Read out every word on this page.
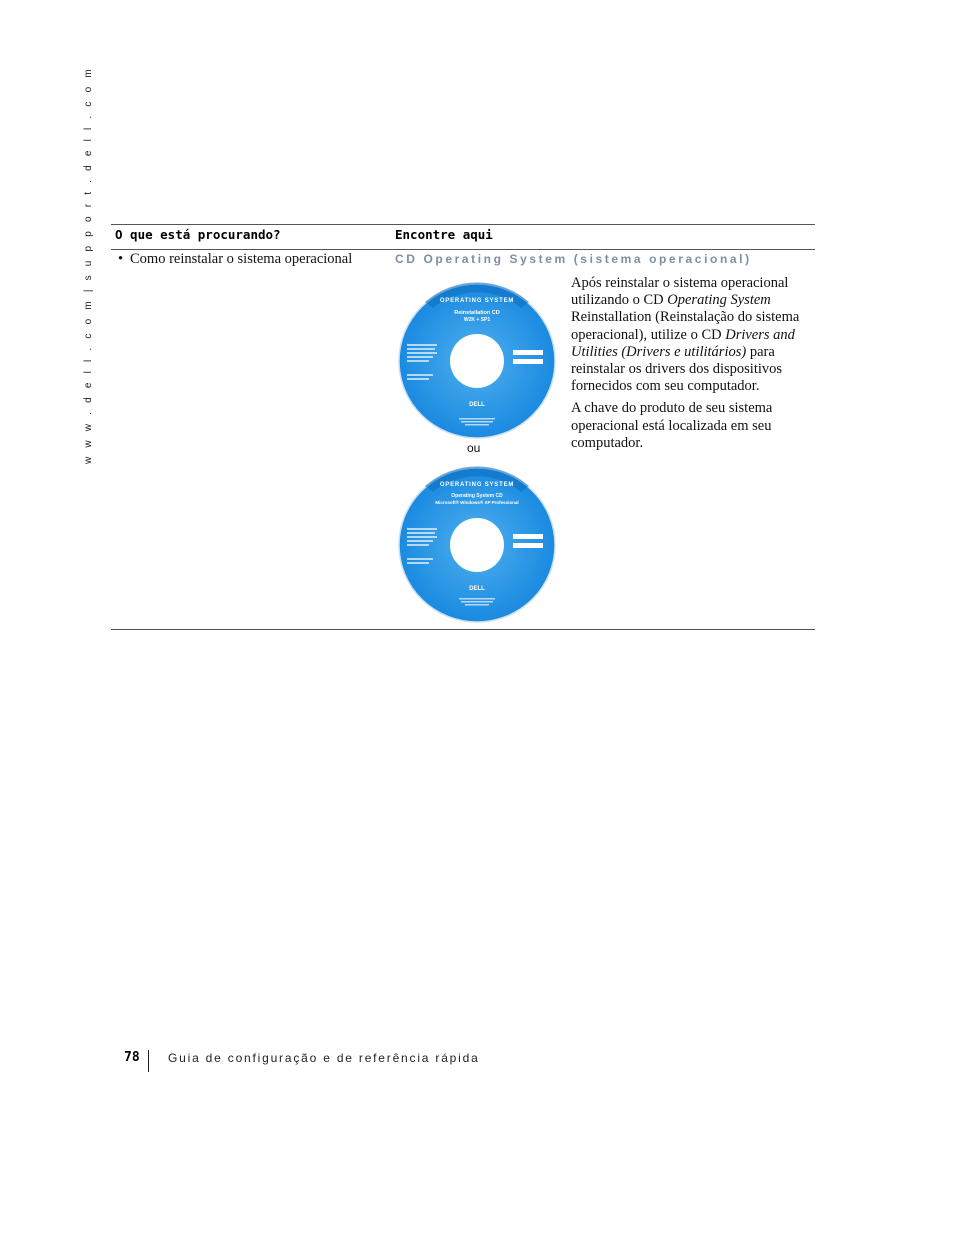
w w w . d e l l . c o m | s u p p o r t . d e l l . c o m	O que está procurando?	Encontre aqui
• Como reinstalar o sistema operacional	CD Operating System (sistema operacional)

Após reinstalar o sistema operacional utilizando o CD Operating System Reinstallation (Reinstalação do sistema operacional), utilize o CD Drivers and Utilities (Drivers e utilitários) para reinstalar os drivers dos dispositivos fornecidos com seu computador.

A chave do produto de seu sistema operacional está localizada em seu computador.

OPERATING SYSTEM
Reinstallation CD
W2K + SP1
DELL
ou
OPERATING SYSTEM
Operating System CD
Microsoft® Windows® XP Professional
DELL
78 Guia de configuração e de referência rápida
